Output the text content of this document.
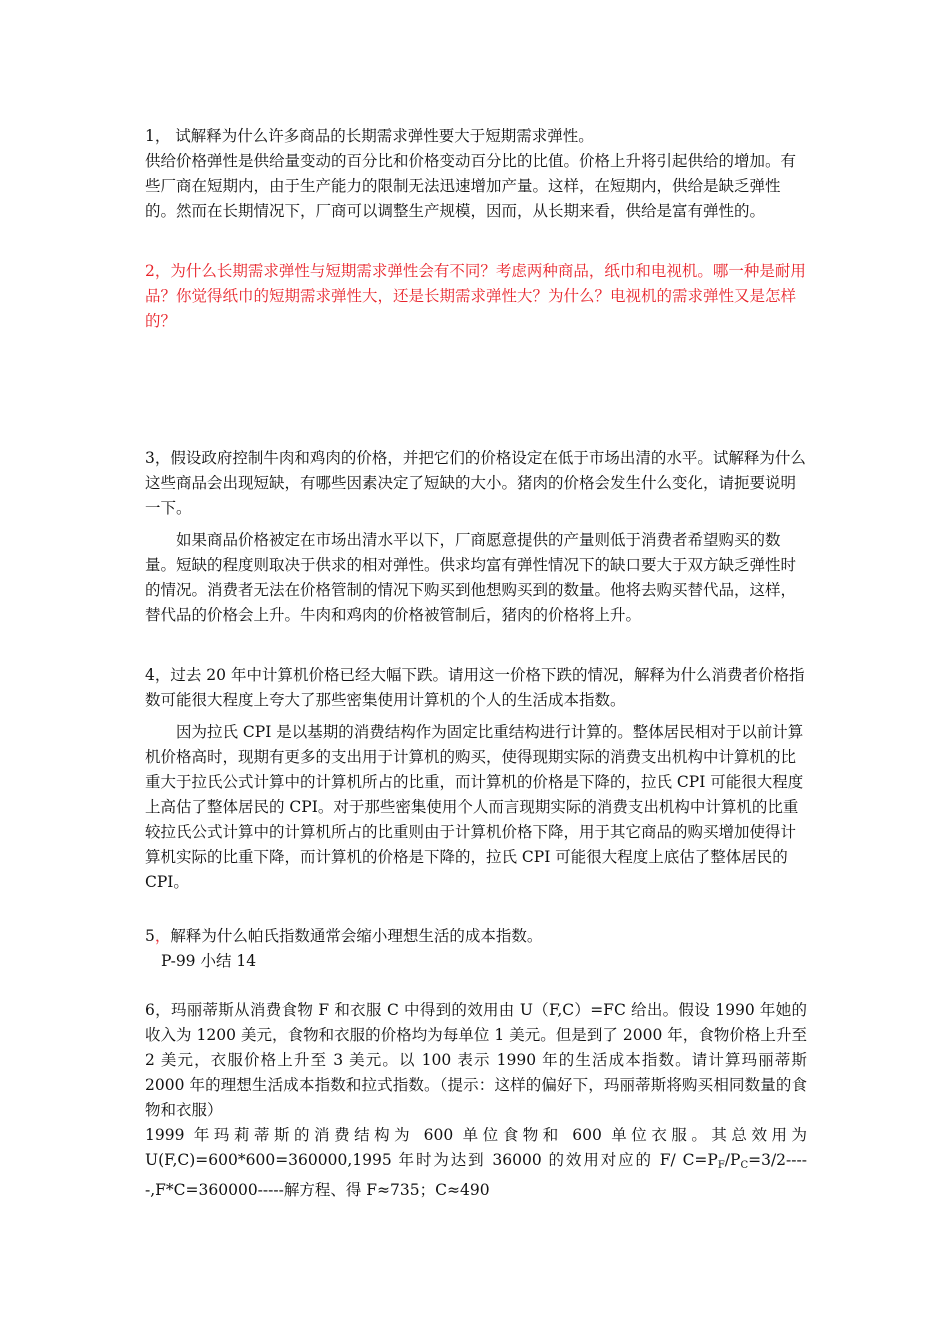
1， 试解释为什么许多商品的长期需求弹性要大于短期需求弹性。

供给价格弹性是供给量变动的百分比和价格变动百分比的比值。价格上升将引起供给的增加。有些厂商在短期内，由于生产能力的限制无法迅速增加产量。这样，在短期内，供给是缺乏弹性的。然而在长期情况下，厂商可以调整生产规模，因而，从长期来看，供给是富有弹性的。

2，为什么长期需求弹性与短期需求弹性会有不同？考虑两种商品，纸巾和电视机。哪一种是耐用品？你觉得纸巾的短期需求弹性大，还是长期需求弹性大？为什么？电视机的需求弹性又是怎样的？

3，假设政府控制牛肉和鸡肉的价格，并把它们的价格设定在低于市场出清的水平。试解释为什么这些商品会出现短缺，有哪些因素决定了短缺的大小。猪肉的价格会发生什么变化，请扼要说明一下。

如果商品价格被定在市场出清水平以下，厂商愿意提供的产量则低于消费者希望购买的数量。短缺的程度则取决于供求的相对弹性。供求均富有弹性情况下的缺口要大于双方缺乏弹性时的情况。消费者无法在价格管制的情况下购买到他想购买到的数量。他将去购买替代品，这样，替代品的价格会上升。牛肉和鸡肉的价格被管制后，猪肉的价格将上升。

4，过去 20 年中计算机价格已经大幅下跌。请用这一价格下跌的情况，解释为什么消费者价格指数可能很大程度上夸大了那些密集使用计算机的个人的生活成本指数。

因为拉氏 CPI 是以基期的消费结构作为固定比重结构进行计算的。整体居民相对于以前计算机价格高时，现期有更多的支出用于计算机的购买，使得现期实际的消费支出机构中计算机的比重大于拉氏公式计算中的计算机所占的比重，而计算机的价格是下降的，拉氏 CPI 可能很大程度上高估了整体居民的 CPI。对于那些密集使用个人而言现期实际的消费支出机构中计算机的比重较拉氏公式计算中的计算机所占的比重则由于计算机价格下降，用于其它商品的购买增加使得计算机实际的比重下降，而计算机的价格是下降的，拉氏 CPI 可能很大程度上底估了整体居民的 CPI。

5，解释为什么帕氏指数通常会缩小理想生活的成本指数。

P-99 小结 14

6，玛丽蒂斯从消费食物 F 和衣服 C 中得到的效用由 U（F,C）=FC 给出。假设 1990 年她的收入为 1200 美元，食物和衣服的价格均为每单位 1 美元。但是到了 2000 年，食物价格上升至 2 美元，衣服价格上升至 3 美元。以 100 表示 1990 年的生活成本指数。请计算玛丽蒂斯 2000 年的理想生活成本指数和拉式指数。（提示：这样的偏好下，玛丽蒂斯将购买相同数量的食物和衣服）

1999 年玛莉蒂斯的消费结构为 600 单位食物和 600 单位衣服。其总效用为 U(F,C)=600*600=360000,1995 年时为达到 36000 的效用对应的 F/ $C=P_F/P_C=3/2-----,F*C=360000-----$解方程、得 F≈735；C≈490
